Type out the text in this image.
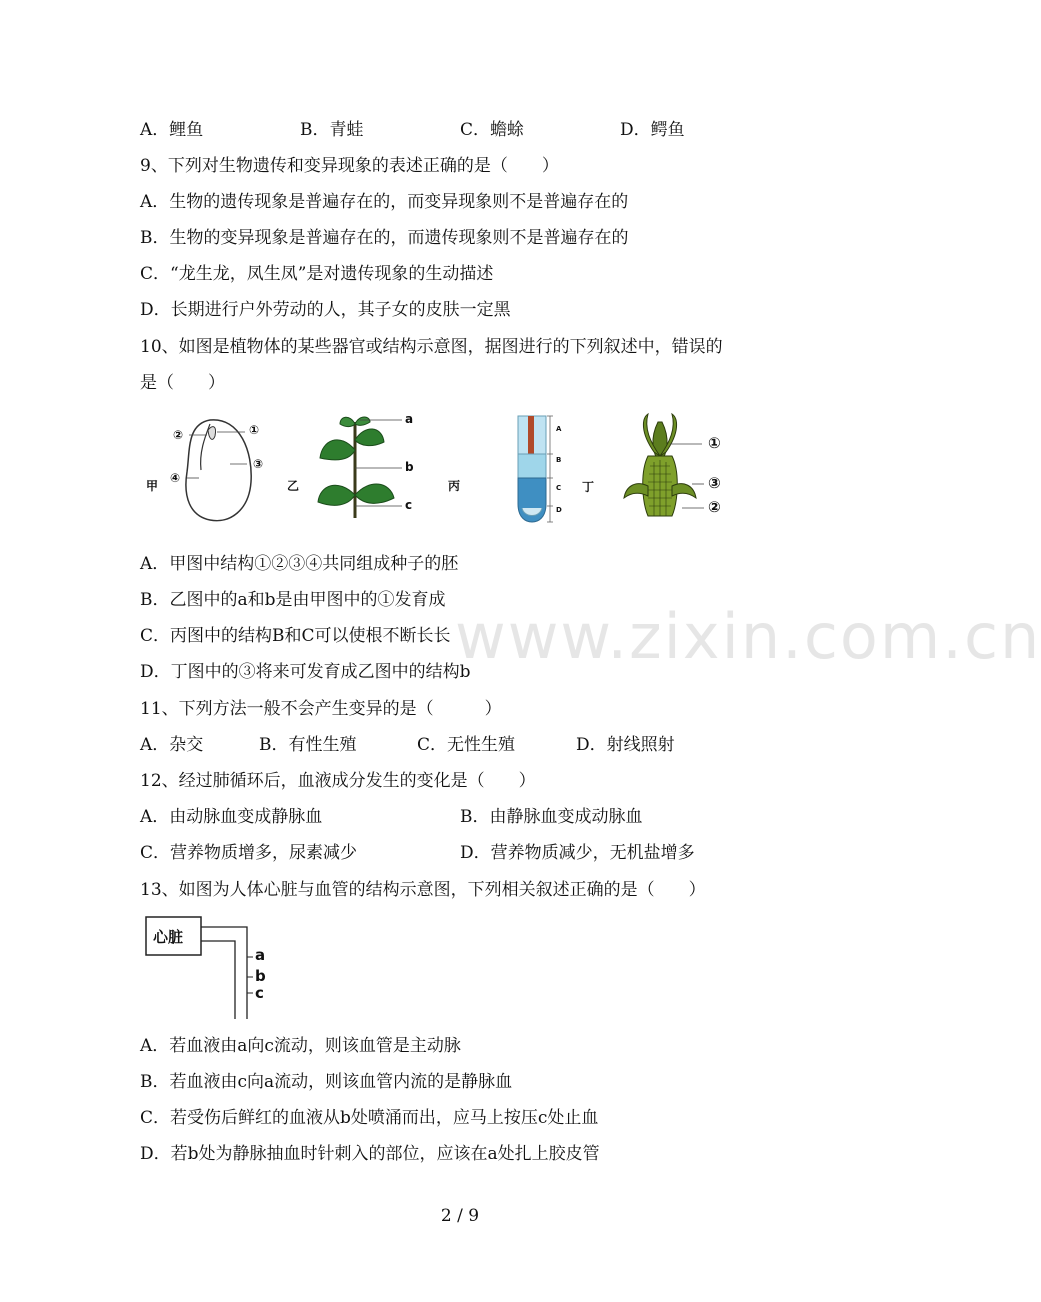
www.zixin.com.cn
A．鲤鱼	B．青蛙	C．蟾蜍	D．鳄鱼
9、下列对生物遗传和变异现象的表述正确的是（　　）
A．生物的遗传现象是普遍存在的，而变异现象则不是普遍存在的
B．生物的变异现象是普遍存在的，而遗传现象则不是普遍存在的
C．“龙生龙，凤生凤”是对遗传现象的生动描述
D．长期进行户外劳动的人，其子女的皮肤一定黑
10、如图是植物体的某些器官或结构示意图，据图进行的下列叙述中，错误的
是（　　）
甲
①
②
③
④
乙
a
b
c
丙
A
B
C
D
丁
①
③
②
A．甲图中结构①②③④共同组成种子的胚
B．乙图中的a和b是由甲图中的①发育成
C．丙图中的结构B和C可以使根不断长长
D．丁图中的③将来可发育成乙图中的结构b
11、下列方法一般不会产生变异的是（　　　）
A．杂交	B．有性生殖	C．无性生殖	D．射线照射
12、经过肺循环后，血液成分发生的变化是（　　）
A．由动脉血变成静脉血	B．由静脉血变成动脉血
C．营养物质增多，尿素减少	D．营养物质减少，无机盐增多
13、如图为人体心脏与血管的结构示意图，下列相关叙述正确的是（　　）
心脏
a
b
c
A．若血液由a向c流动，则该血管是主动脉
B．若血液由c向a流动，则该血管内流的是静脉血
C．若受伤后鲜红的血液从b处喷涌而出，应马上按压c处止血
D．若b处为静脉抽血时针刺入的部位，应该在a处扎上胶皮管
2 / 9
